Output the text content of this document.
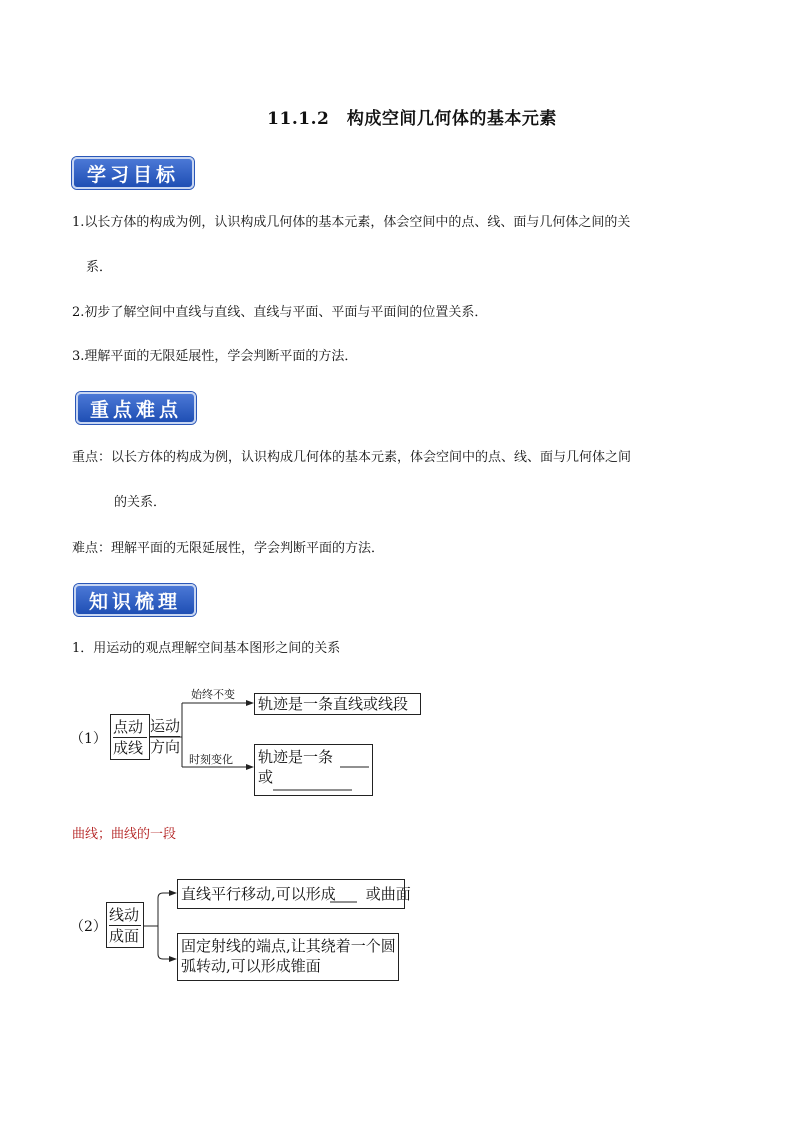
11.1.2　构成空间几何体的基本元素
学习目标
1.以长方体的构成为例，认识构成几何体的基本元素，体会空间中的点、线、面与几何体之间的关
系．
2.初步了解空间中直线与直线、直线与平面、平面与平面间的位置关系．
3.理解平面的无限延展性，学会判断平面的方法．
重点难点
重点：以长方体的构成为例，认识构成几何体的基本元素，体会空间中的点、线、面与几何体之间
的关系．
难点：理解平面的无限延展性，学会判断平面的方法．
知识梳理
1．用运动的观点理解空间基本图形之间的关系
（1）
点动
成线
运动
方向
始终不变
时刻变化
轨迹是一条直线或线段
轨迹是一条
或
曲线；曲线的一段
（2）
线动
成面
直线平行移动,可以形成 或曲面
固定射线的端点,让其绕着一个圆
弧转动,可以形成锥面
